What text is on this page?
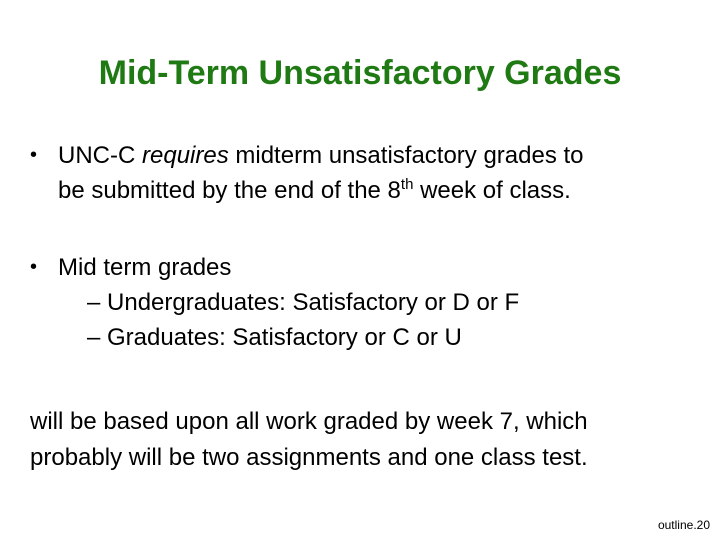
Mid-Term Unsatisfactory Grades
• UNC-C requires midterm unsatisfactory grades to
be submitted by the end of the 8th week of class.
• Mid term grades
– Undergraduates: Satisfactory or D or F
– Graduates: Satisfactory or C or U
will be based upon all work graded by week 7, which
probably will be two assignments and one class test.
outline.20
